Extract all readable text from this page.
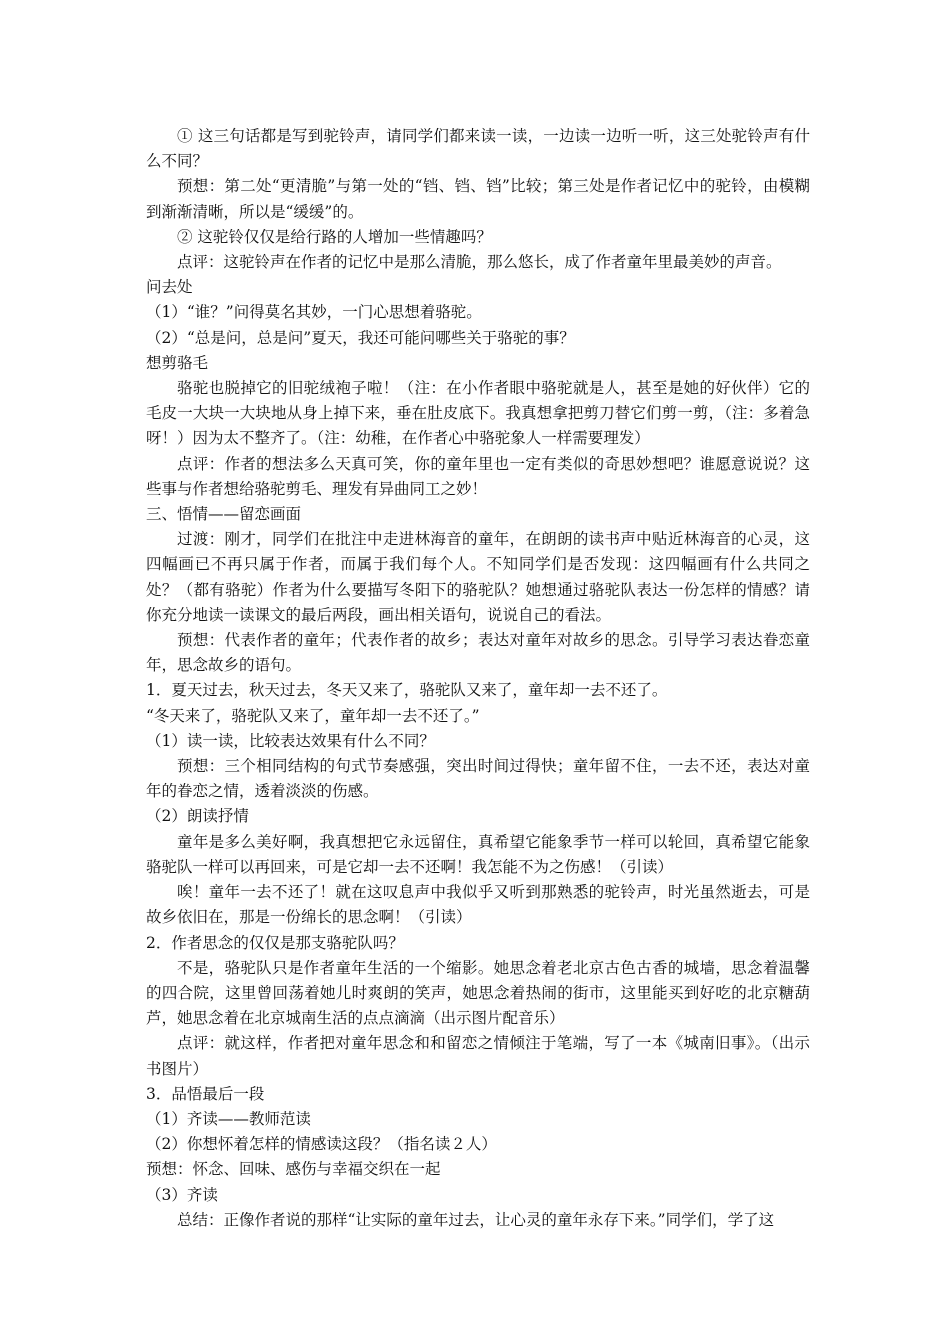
① 这三句话都是写到驼铃声，请同学们都来读一读，一边读一边听一听，这三处驼铃声有什么不同？

预想：第二处“更清脆”与第一处的“铛、铛、铛”比较；第三处是作者记忆中的驼铃，由模糊到渐渐清晰，所以是“缓缓”的。

② 这驼铃仅仅是给行路的人增加一些情趣吗？

点评：这驼铃声在作者的记忆中是那么清脆，那么悠长，成了作者童年里最美妙的声音。

问去处

（1）“谁？”问得莫名其妙，一门心思想着骆驼。

（2）“总是问，总是问”夏天，我还可能问哪些关于骆驼的事？

想剪骆毛

骆驼也脱掉它的旧驼绒袍子啦！（注：在小作者眼中骆驼就是人，甚至是她的好伙伴）它的毛皮一大块一大块地从身上掉下来，垂在肚皮底下。我真想拿把剪刀替它们剪一剪，（注：多着急呀！）因为太不整齐了。（注：幼稚，在作者心中骆驼象人一样需要理发）

点评：作者的想法多么天真可笑，你的童年里也一定有类似的奇思妙想吧？谁愿意说说？这些事与作者想给骆驼剪毛、理发有异曲同工之妙！

三、悟情——留恋画面

过渡：刚才，同学们在批注中走进林海音的童年，在朗朗的读书声中贴近林海音的心灵，这四幅画已不再只属于作者，而属于我们每个人。不知同学们是否发现：这四幅画有什么共同之处？（都有骆驼）作者为什么要描写冬阳下的骆驼队？她想通过骆驼队表达一份怎样的情感？请你充分地读一读课文的最后两段，画出相关语句，说说自己的看法。

预想：代表作者的童年；代表作者的故乡；表达对童年对故乡的思念。引导学习表达眷恋童年，思念故乡的语句。

1．夏天过去，秋天过去，冬天又来了，骆驼队又来了，童年却一去不还了。

“冬天来了，骆驼队又来了，童年却一去不还了。”

（1）读一读，比较表达效果有什么不同？

预想：三个相同结构的句式节奏感强，突出时间过得快；童年留不住，一去不还，表达对童年的眷恋之情，透着淡淡的伤感。

（2）朗读抒情

童年是多么美好啊，我真想把它永远留住，真希望它能象季节一样可以轮回，真希望它能象骆驼队一样可以再回来，可是它却一去不还啊！我怎能不为之伤感！（引读）

唉！童年一去不还了！就在这叹息声中我似乎又听到那熟悉的驼铃声，时光虽然逝去，可是故乡依旧在，那是一份绵长的思念啊！（引读）

2．作者思念的仅仅是那支骆驼队吗？

不是，骆驼队只是作者童年生活的一个缩影。她思念着老北京古色古香的城墙，思念着温馨的四合院，这里曾回荡着她儿时爽朗的笑声，她思念着热闹的街市，这里能买到好吃的北京糖葫芦，她思念着在北京城南生活的点点滴滴（出示图片配音乐）

点评：就这样，作者把对童年思念和和留恋之情倾注于笔端，写了一本《城南旧事》。（出示书图片）

3．品悟最后一段

（1）齐读——教师范读

（2）你想怀着怎样的情感读这段？（指名读２人）

预想：怀念、回味、感伤与幸福交织在一起

（3）齐读

总结：正像作者说的那样“让实际的童年过去，让心灵的童年永存下来。”同学们，学了这
